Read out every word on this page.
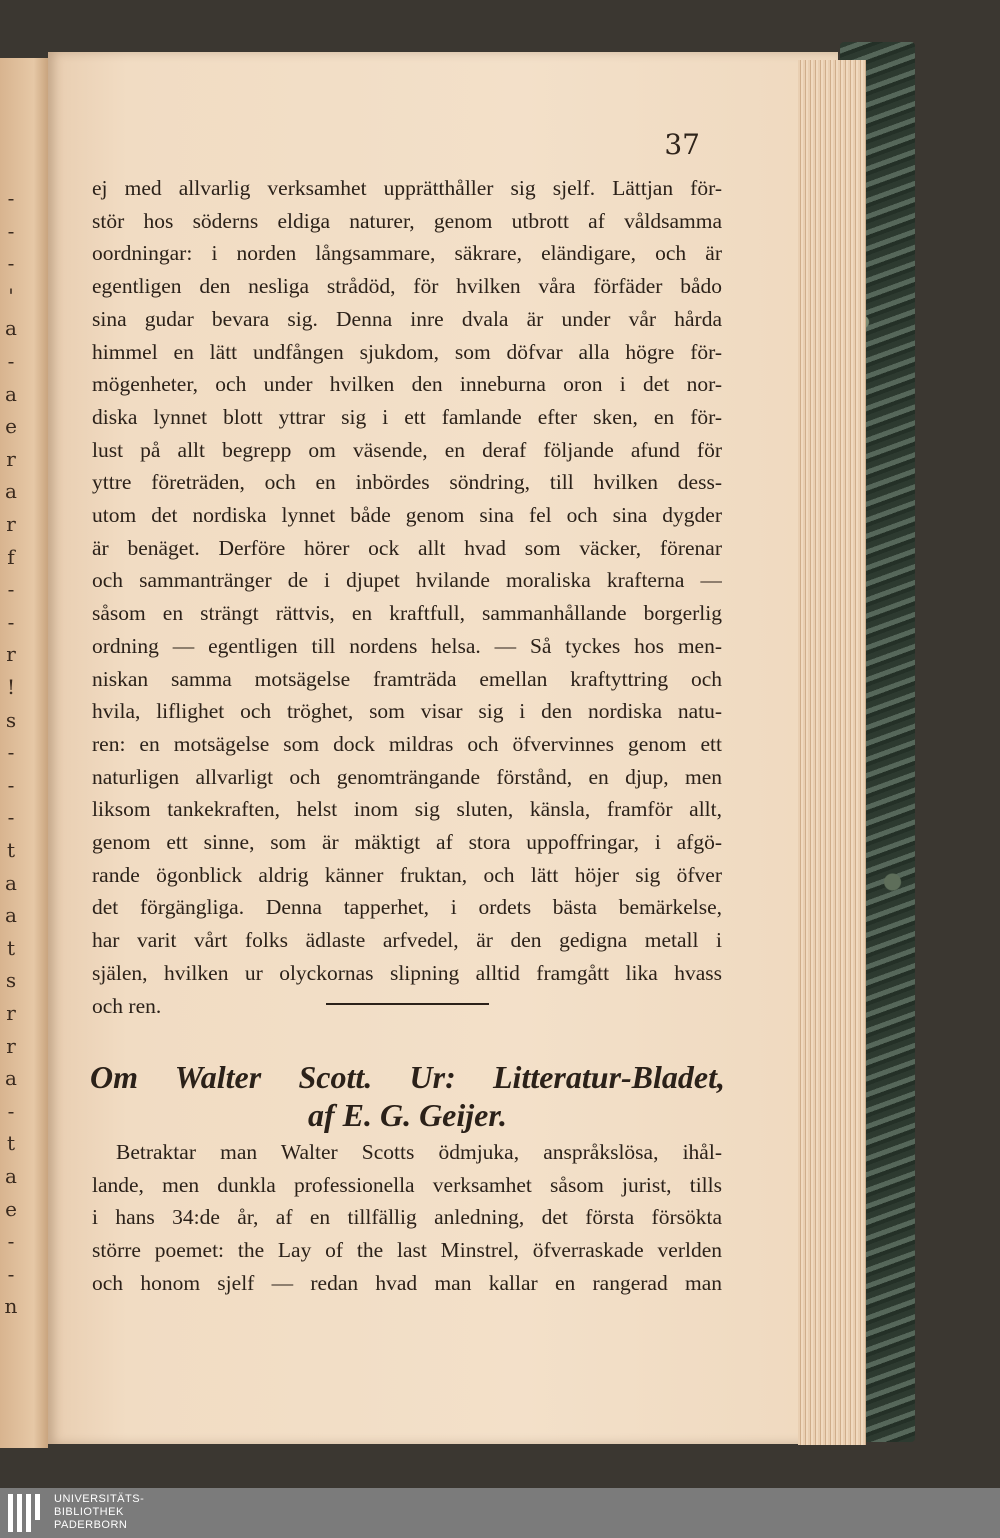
-
-
-
'
a
-
a
e
r
a
r
f
-
-
r
!
s
-
-
-
t
a
a
t
s
r
r
a
-
t
a
e
-
-
n
37
ej med allvarlig verksamhet upprätthåller sig sjelf. Lättjan för-
stör hos söderns eldiga naturer, genom utbrott af våldsamma
oordningar: i norden långsammare, säkrare, eländigare, och är
egentligen den nesliga strådöd, för hvilken våra förfäder bådo
sina gudar bevara sig. Denna inre dvala är under vår hårda
himmel en lätt undfången sjukdom, som döfvar alla högre för-
mögenheter, och under hvilken den inneburna oron i det nor-
diska lynnet blott yttrar sig i ett famlande efter sken, en för-
lust på allt begrepp om väsende, en deraf följande afund för
yttre företräden, och en inbördes söndring, till hvilken dess-
utom det nordiska lynnet både genom sina fel och sina dygder
är benäget. Derföre hörer ock allt hvad som väcker, förenar
och sammantränger de i djupet hvilande moraliska krafterna —
såsom en strängt rättvis, en kraftfull, sammanhållande borgerlig
ordning — egentligen till nordens helsa. — Så tyckes hos men-
niskan samma motsägelse framträda emellan kraftyttring och
hvila, liflighet och tröghet, som visar sig i den nordiska natu-
ren: en motsägelse som dock mildras och öfvervinnes genom ett
naturligen allvarligt och genomträngande förstånd, en djup, men
liksom tankekraften, helst inom sig sluten, känsla, framför allt,
genom ett sinne, som är mäktigt af stora uppoffringar, i afgö-
rande ögonblick aldrig känner fruktan, och lätt höjer sig öfver
det förgängliga. Denna tapperhet, i ordets bästa bemärkelse,
har varit vårt folks ädlaste arfvedel, är den gedigna metall i
själen, hvilken ur olyckornas slipning alltid framgått lika hvass
och ren.
Om Walter Scott. Ur: Litteratur-Bladet,
af E. G. Geijer.
Betraktar man Walter Scotts ödmjuka, anspråkslösa, ihål-
lande, men dunkla professionella verksamhet såsom jurist, tills
i hans 34:de år, af en tillfällig anledning, det första försökta
större poemet: the Lay of the last Minstrel, öfverraskade verlden
och honom sjelf — redan hvad man kallar en rangerad man
UNIVERSITÄTS-
BIBLIOTHEK
PADERBORN
